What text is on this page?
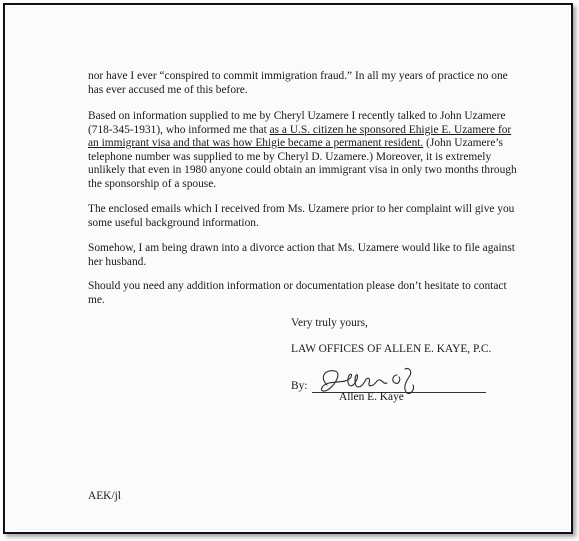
nor have I ever “conspired to commit immigration fraud.” In all my years of practice no one has ever accused me of this before.

Based on information supplied to me by Cheryl Uzamere I recently talked to John Uzamere (718-345-1931), who informed me that as a U.S. citizen he sponsored Ehigie E. Uzamere for an immigrant visa and that was how Ehigie became a permanent resident. (John Uzamere’s telephone number was supplied to me by Cheryl D. Uzamere.) Moreover, it is extremely unlikely that even in 1980 anyone could obtain an immigrant visa in only two months through the sponsorship of a spouse.

The enclosed emails which I received from Ms. Uzamere prior to her complaint will give you some useful background information.

Somehow, I am being drawn into a divorce action that Ms. Uzamere would like to file against her husband.

Should you need any addition information or documentation please don’t hesitate to contact me.

Very truly yours,

LAW OFFICES OF ALLEN E. KAYE, P.C.

By:
Allen E. Kaye

AEK/jl
